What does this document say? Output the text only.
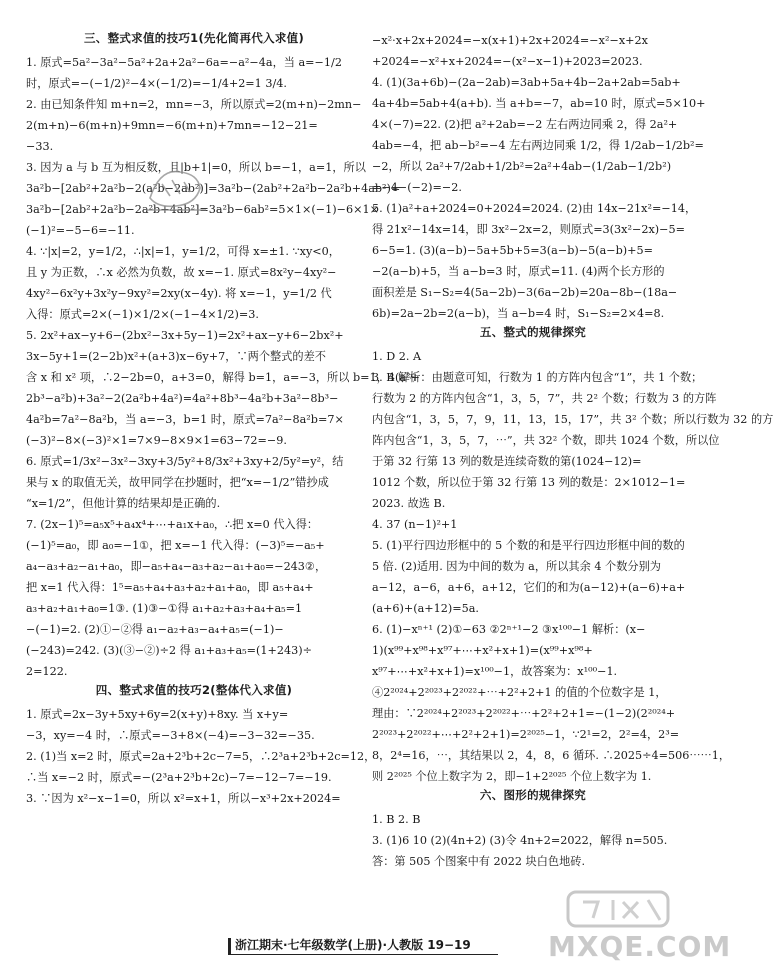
三、整式求值的技巧1(先化简再代入求值)
1. 原式=5a²−3a²−5a²+2a+2a²−6a=−a²−4a，当 a=−1/2
时，原式=−(−1/2)²−4×(−1/2)=−1/4+2=1 3/4.
2. 由已知条件知 m+n=2，mn=−3，所以原式=2(m+n)−2mn−
2(m+n)−6(m+n)+9mn=−6(m+n)+7mn=−12−21=
−33.
3. 因为 a 与 b 互为相反数，且|b+1|=0，所以 b=−1，a=1，所以
3a²b−[2ab²+2a²b−2(a²b−2ab²)]=3a²b−(2ab²+2a²b−2a²b+4ab²)=
3a²b−[2ab²+2a²b−2a²b+4ab²]=3a²b−6ab²=5×1×(−1)−6×1×
(−1)²=−5−6=−11.
4. ∵|x|=2，y=1/2，∴|x|=1，y=1/2，可得 x=±1. ∵xy<0，
且 y 为正数，∴x 必然为负数，故 x=−1. 原式=8x²y−4xy²−
4xy²−6x²y+3x²y−9xy²=2xy(x−4y). 将 x=−1，y=1/2 代
入得：原式=2×(−1)×1/2×(−1−4×1/2)=3.
5. 2x²+ax−y+6−(2bx²−3x+5y−1)=2x²+ax−y+6−2bx²+
3x−5y+1=(2−2b)x²+(a+3)x−6y+7，∵两个整式的差不
含 x 和 x² 项，∴2−2b=0，a+3=0，解得 b=1，a=−3，所以 b=1，4(a²+
2b³−a²b)+3a²−2(2a²b+4a²)=4a²+8b³−4a²b+3a²−8b³−
4a²b=7a²−8a²b，当 a=−3，b=1 时，原式=7a²−8a²b=7×
(−3)²−8×(−3)²×1=7×9−8×9×1=63−72=−9.
6. 原式=1/3x²−3x²−3xy+3/5y²+8/3x²+3xy+2/5y²=y²，结
果与 x 的取值无关，故甲同学在抄题时，把“x=−1/2”错抄成
“x=1/2”，但他计算的结果却是正确的.
7. (2x−1)⁵=a₅x⁵+a₄x⁴+⋯+a₁x+a₀，∴把 x=0 代入得：
(−1)⁵=a₀，即 a₀=−1①，把 x=−1 代入得：(−3)⁵=−a₅+
a₄−a₃+a₂−a₁+a₀，即−a₅+a₄−a₃+a₂−a₁+a₀=−243②，
把 x=1 代入得：1⁵=a₅+a₄+a₃+a₂+a₁+a₀，即 a₅+a₄+
a₃+a₂+a₁+a₀=1③. (1)③−①得 a₁+a₂+a₃+a₄+a₅=1
−(−1)=2. (2)①−②得 a₁−a₂+a₃−a₄+a₅=(−1)−
(−243)=242. (3)(③−②)÷2 得 a₁+a₃+a₅=(1+243)÷
2=122.
四、整式求值的技巧2(整体代入求值)
1. 原式=2x−3y+5xy+6y=2(x+y)+8xy. 当 x+y=
−3，xy=−4 时，∴原式=−3+8×(−4)=−3−32=−35.
2. (1)当 x=2 时，原式=2a+2³b+2c−7=5，∴2³a+2³b+2c=12，
∴当 x=−2 时，原式=−(2³a+2³b+2c)−7=−12−7=−19.
3. ∵因为 x²−x−1=0，所以 x²=x+1，所以−x³+2x+2024=
−x²·x+2x+2024=−x(x+1)+2x+2024=−x²−x+2x
+2024=−x²+x+2024=−(x²−x−1)+2023=2023.
4. (1)(3a+6b)−(2a−2ab)=3ab+5a+4b−2a+2ab=5ab+
4a+4b=5ab+4(a+b). 当 a+b=−7，ab=10 时，原式=5×10+
4×(−7)=22. (2)把 a²+2ab=−2 左右两边同乘 2，得 2a²+
4ab=−4，把 ab−b²=−4 左右两边同乘 1/2，得 1/2ab−1/2b²=
−2，所以 2a²+7/2ab+1/2b²=2a²+4ab−(1/2ab−1/2b²)
=−4−(−2)=−2.
5. (1)a²+a+2024=0+2024=2024. (2)由 14x−21x²=−14，
得 21x²−14x=14，即 3x²−2x=2，则原式=3(3x²−2x)−5=
6−5=1. (3)(a−b)−5a+5b+5=3(a−b)−5(a−b)+5=
−2(a−b)+5，当 a−b=3 时，原式=11. (4)两个长方形的
面积差是 S₁−S₂=4(5a−2b)−3(6a−2b)=20a−8b−(18a−
6b)=2a−2b=2(a−b)，当 a−b=4 时，S₁−S₂=2×4=8.
五、整式的规律探究
1. D 2. A
3. B 解析：由题意可知，行数为 1 的方阵内包含“1”，共 1 个数；
行数为 2 的方阵内包含“1，3，5，7”，共 2² 个数；行数为 3 的方阵
内包含“1，3，5，7，9，11，13，15，17”，共 3² 个数；所以行数为 32 的方
阵内包含“1，3，5，7，⋯”，共 32² 个数，即共 1024 个数，所以位
于第 32 行第 13 列的数是连续奇数的第(1024−12)=
1012 个数，所以位于第 32 行第 13 列的数是：2×1012−1=
2023. 故选 B.
4. 37 (n−1)²+1
5. (1)平行四边形框中的 5 个数的和是平行四边形框中间的数的
5 倍. (2)适用. 因为中间的数为 a，所以其余 4 个数分别为
a−12，a−6，a+6，a+12，它们的和为(a−12)+(a−6)+a+
(a+6)+(a+12)=5a.
6. (1)−xⁿ⁺¹ (2)①−63 ②2ⁿ⁺¹−2 ③x¹⁰⁰−1 解析：(x−
1)(x⁹⁹+x⁹⁸+x⁹⁷+⋯+x²+x+1)=(x⁹⁹+x⁹⁸+
x⁹⁷+⋯+x²+x+1)=x¹⁰⁰−1，故答案为：x¹⁰⁰−1.
④2²⁰²⁴+2²⁰²³+2²⁰²²+⋯+2²+2+1 的值的个位数字是 1，
理由：∵2²⁰²⁴+2²⁰²³+2²⁰²²+⋯+2²+2+1=−(1−2)(2²⁰²⁴+
2²⁰²³+2²⁰²²+⋯+2²+2+1)=2²⁰²⁵−1，∵2¹=2，2²=4，2³=
8，2⁴=16，⋯，其结果以 2，4，8，6 循环. ∴2025÷4=506⋯⋯1，
则 2²⁰²⁵ 个位上数字为 2，即−1+2²⁰²⁵ 个位上数字为 1.
六、图形的规律探究
1. B 2. B
3. (1)6 10 (2)(4n+2) (3)令 4n+2=2022，解得 n=505.
答：第 505 个图案中有 2022 块白色地砖.
浙江期末·七年级数学(上册)·人教版 19−19	MXQE.COM
